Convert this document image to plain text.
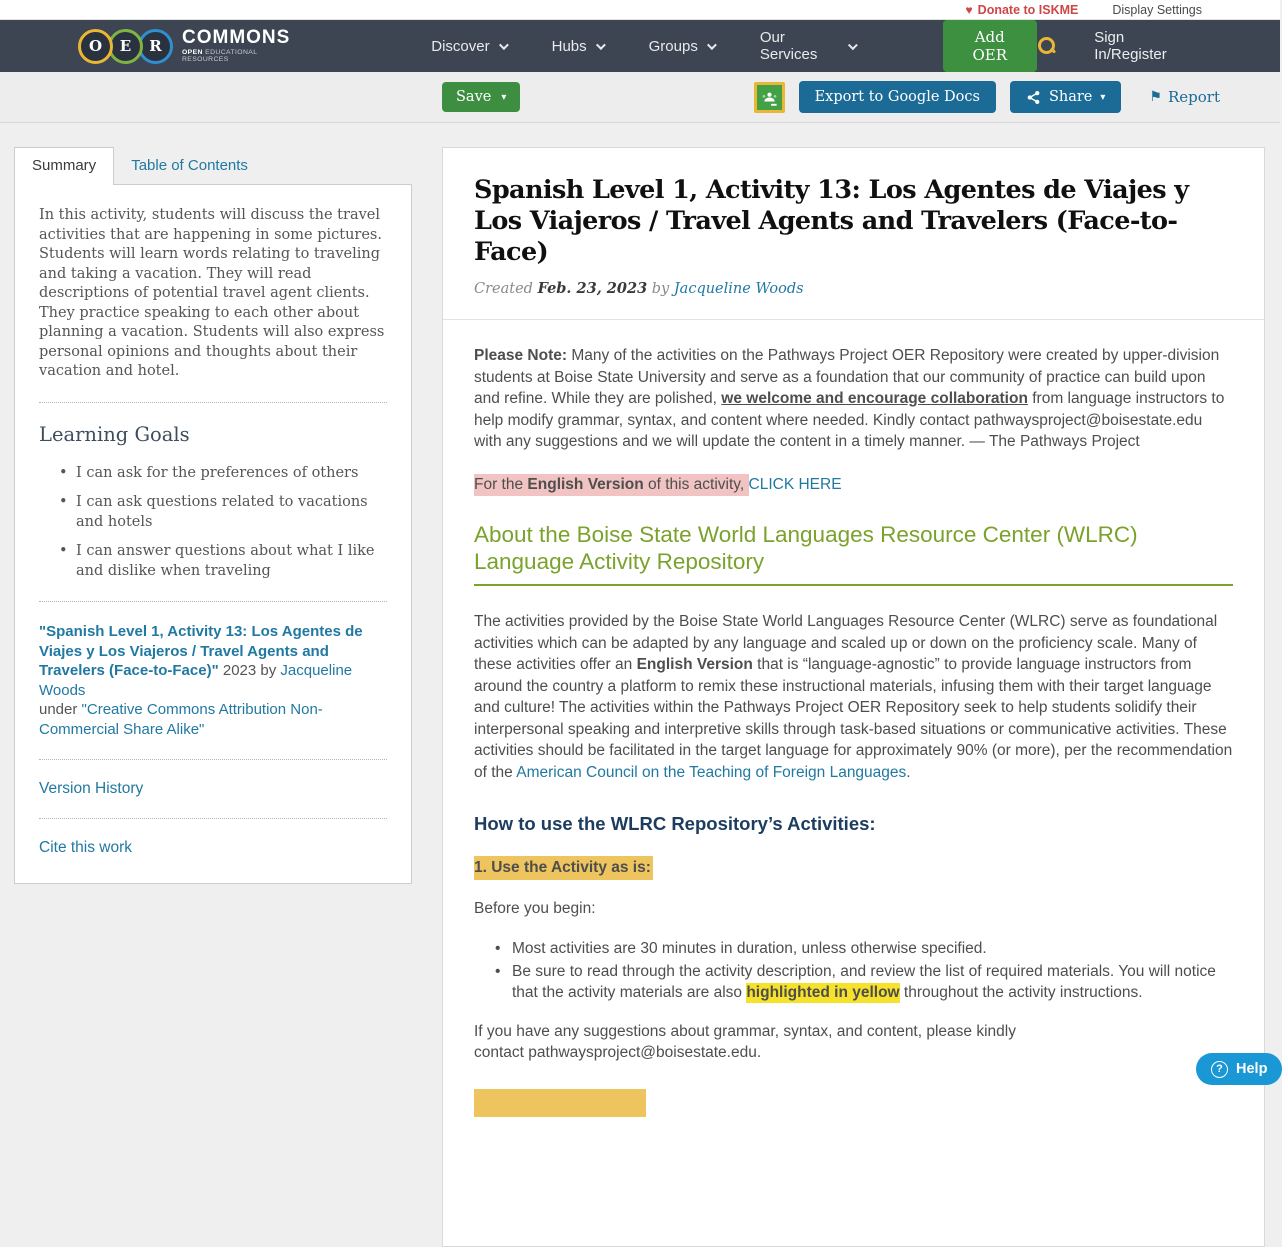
♥ Donate to ISKME	Display Settings
O	E	R	COMMONS
OPEN EDUCATIONAL RESOURCES
Discover	Hubs	Groups	Our Services
Add OER
Sign In/Register
Save ▾	Export to Google Docs	Share ▾	⚑ Report
Summary	Table of Contents

In this activity, students will discuss the travel activities that are happening in some pictures. Students will learn words relating to traveling and taking a vacation. They will read descriptions of potential travel agent clients. They practice speaking to each other about planning a vacation. Students will also express personal opinions and thoughts about their vacation and hotel.

Learning Goals
• I can ask for the preferences of others
• I can ask questions related to vacations and hotels
• I can answer questions about what I like and dislike when traveling

"Spanish Level 1, Activity 13: Los Agentes de Viajes y Los Viajeros / Travel Agents and Travelers (Face-to-Face)" 2023 by Jacqueline Woods
under "Creative Commons Attribution Non-Commercial Share Alike"

Version History
Cite this work
Spanish Level 1, Activity 13: Los Agentes de Viajes y Los Viajeros / Travel Agents and Travelers (Face-to-Face)

Created Feb. 23, 2023 by Jacqueline Woods

Please Note: Many of the activities on the Pathways Project OER Repository were created by upper-division students at Boise State University and serve as a foundation that our community of practice can build upon and refine. While they are polished, we welcome and encourage collaboration from language instructors to help modify grammar, syntax, and content where needed. Kindly contact pathwaysproject@boisestate.edu with any suggestions and we will update the content in a timely manner. — The Pathways Project

For the English Version of this activity, CLICK HERE

About the Boise State World Languages Resource Center (WLRC) Language Activity Repository

The activities provided by the Boise State World Languages Resource Center (WLRC) serve as foundational activities which can be adapted by any language and scaled up or down on the proficiency scale. Many of these activities offer an English Version that is “language-agnostic” to provide language instructors from around the country a platform to remix these instructional materials, infusing them with their target language and culture! The activities within the Pathways Project OER Repository seek to help students solidify their interpersonal speaking and interpretive skills through task-based situations or communicative activities. These activities should be facilitated in the target language for approximately 90% (or more), per the recommendation of the American Council on the Teaching of Foreign Languages.

How to use the WLRC Repository’s Activities:

1. Use the Activity as is:

Before you begin:

• Most activities are 30 minutes in duration, unless otherwise specified.
• Be sure to read through the activity description, and review the list of required materials. You will notice that the activity materials are also highlighted in yellow throughout the activity instructions.

If you have any suggestions about grammar, syntax, and content, please kindly
contact pathwaysproject@boisestate.edu.

? Help
